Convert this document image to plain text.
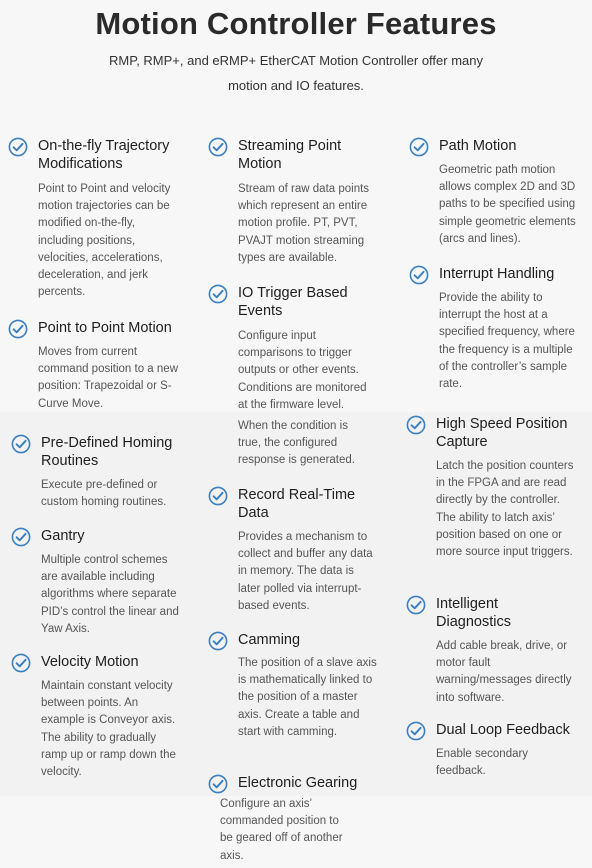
Motion Controller Features
RMP, RMP+, and eRMP+ EtherCAT Motion Controller offer many motion and IO features.
On-the-fly Trajectory Modifications
Point to Point and velocity motion trajectories can be modified on-the-fly, including positions, velocities, accelerations, deceleration, and jerk percents.
Point to Point Motion
Moves from current command position to a new position: Trapezoidal or S-Curve Move.
Pre-Defined Homing Routines
Execute pre-defined or custom homing routines.
Gantry
Multiple control schemes are available including algorithms where separate PID’s control the linear and Yaw Axis.
Velocity Motion
Maintain constant velocity between points. An example is Conveyor axis. The ability to gradually ramp up or ramp down the velocity.
Streaming Point Motion
Stream of raw data points which represent an entire motion profile. PT, PVT, PVAJT motion streaming types are available.
IO Trigger Based Events
Configure input comparisons to trigger outputs or other events. Conditions are monitored at the firmware level.
When the condition is true, the configured response is generated.
Record Real-Time Data
Provides a mechanism to collect and buffer any data in memory. The data is later polled via interrupt-based events.
Camming
The position of a slave axis is mathematically linked to the position of a master axis. Create a table and start with camming.
Electronic Gearing
Configure an axis’ commanded position to be geared off of another axis.
Path Motion
Geometric path motion allows complex 2D and 3D paths to be specified using simple geometric elements (arcs and lines).
Interrupt Handling
Provide the ability to interrupt the host at a specified frequency, where the frequency is a multiple of the controller’s sample rate.
High Speed Position Capture
Latch the position counters in the FPGA and are read directly by the controller. The ability to latch axis’ position based on one or more source input triggers.
Intelligent Diagnostics
Add cable break, drive, or motor fault warning/messages directly into software.
Dual Loop Feedback
Enable secondary feedback.
